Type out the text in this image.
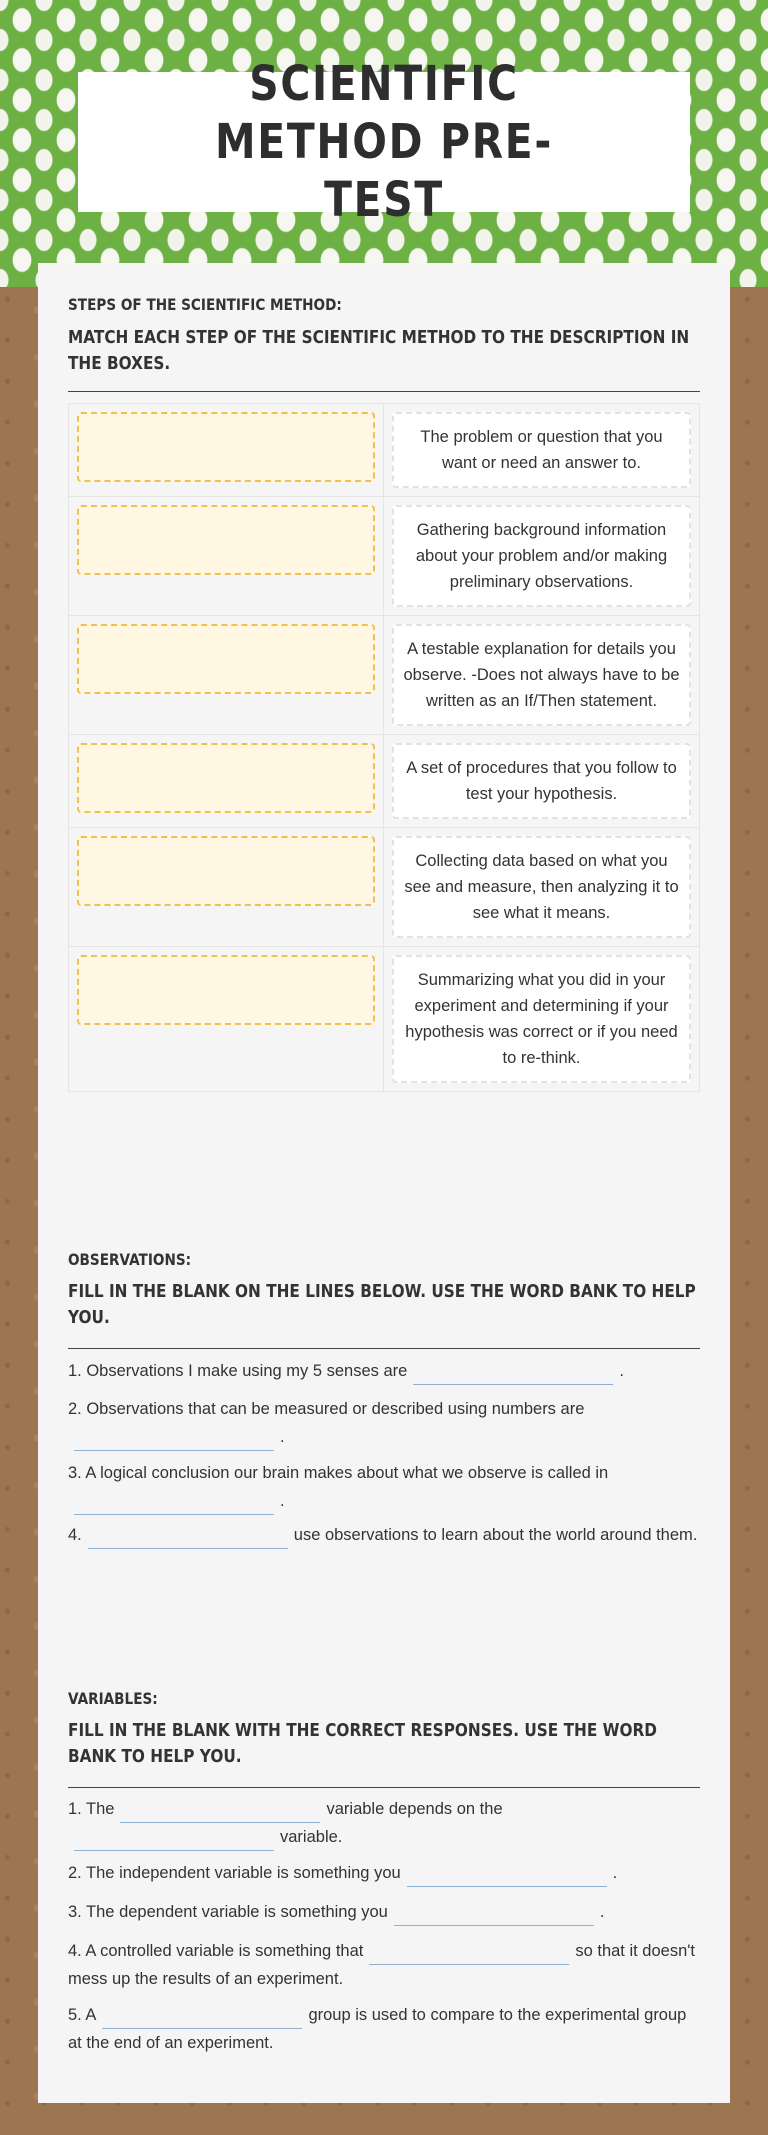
SCIENTIFIC METHOD PRE-TEST
STEPS OF THE SCIENTIFIC METHOD:
MATCH EACH STEP OF THE SCIENTIFIC METHOD TO THE DESCRIPTION IN THE BOXES.
The problem or question that you want or need an answer to.
Gathering background information about your problem and/or making preliminary observations.
A testable explanation for details you observe. -Does not always have to be written as an If/Then statement.
A set of procedures that you follow to test your hypothesis.
Collecting data based on what you see and measure, then analyzing it to see what it means.
Summarizing what you did in your experiment and determining if your hypothesis was correct or if you need to re-think.
OBSERVATIONS:
FILL IN THE BLANK ON THE LINES BELOW. USE THE WORD BANK TO HELP YOU.
1. Observations I make using my 5 senses are	.
2. Observations that can be measured or described using numbers are
.
3. A logical conclusion our brain makes about what we observe is called in
.
4.	use observations to learn about the world around them.
VARIABLES:
FILL IN THE BLANK WITH THE CORRECT RESPONSES. USE THE WORD BANK TO HELP YOU.
1. The	variable depends on the
variable.
2. The independent variable is something you	.
3. The dependent variable is something you	.
4. A controlled variable is something that	so that it doesn't mess up the results of an experiment.
5. A	group is used to compare to the experimental group at the end of an experiment.
